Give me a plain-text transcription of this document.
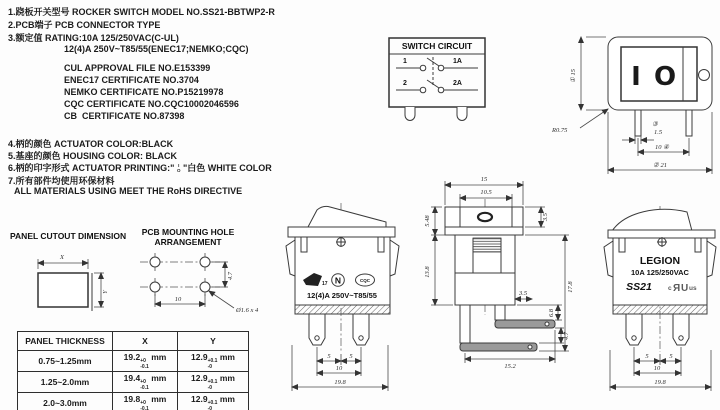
1.跷板开关型号 ROCKER SWITCH MODEL NO.SS21-BBTWP2-R
2.PCB端子 PCB CONNECTOR TYPE
3.额定值 RATING:10A 125/250VAC(C-UL)
12(4)A 250V~T85/55(ENEC17;NEMKO;CQC)
CUL APPROVAL FILE NO.E153399
ENEC17 CERTIFICATE NO.3704
NEMKO CERTIFICATE NO.P15219978
CQC CERTIFICATE NO.CQC10002046596
CB  CERTIFICATE NO.87398
4.柄的颜色 ACTUATOR COLOR:BLACK
5.基座的颜色 HOUSING COLOR: BLACK
6.柄的印字形式 ACTUATOR PRINTING:" I
O "白色 WHITE COLOR
7.所有部件均使用环保材料
ALL MATERIALS USING MEET THE RoHS DIRECTIVE
SWITCH CIRCUIT
1	1A
2	2A	I O
① 15
R0.75
③
1.5
10 ④
② 21
PANEL CUTOUT DIMENSION
X
Y
PCB MOUNTING HOLE
ARRANGEMENT
4.7
10
Ø1.6 x 4
PANEL THICKNESS	X	Y
0.75~1.25mm	19.2 +0
-0.1
mm	12.9 +0.1
-0
mm
1.25~2.0mm	19.4 +0
-0.1
mm	12.9 +0.1
-0
mm
2.0~3.0mm	19.8 +0
-0.1
mm	12.9 +0.1
-0
mm
17 N	CQC
12(4)A 250V~T85/55
5	5
10
19.8
15
10.5
5.48
13.8
3.5
17.8
3.5
6.8
4.7
15.2
LEGION
10A 125/250VAC
SS21 c Я U us
5	5
10
19.8
